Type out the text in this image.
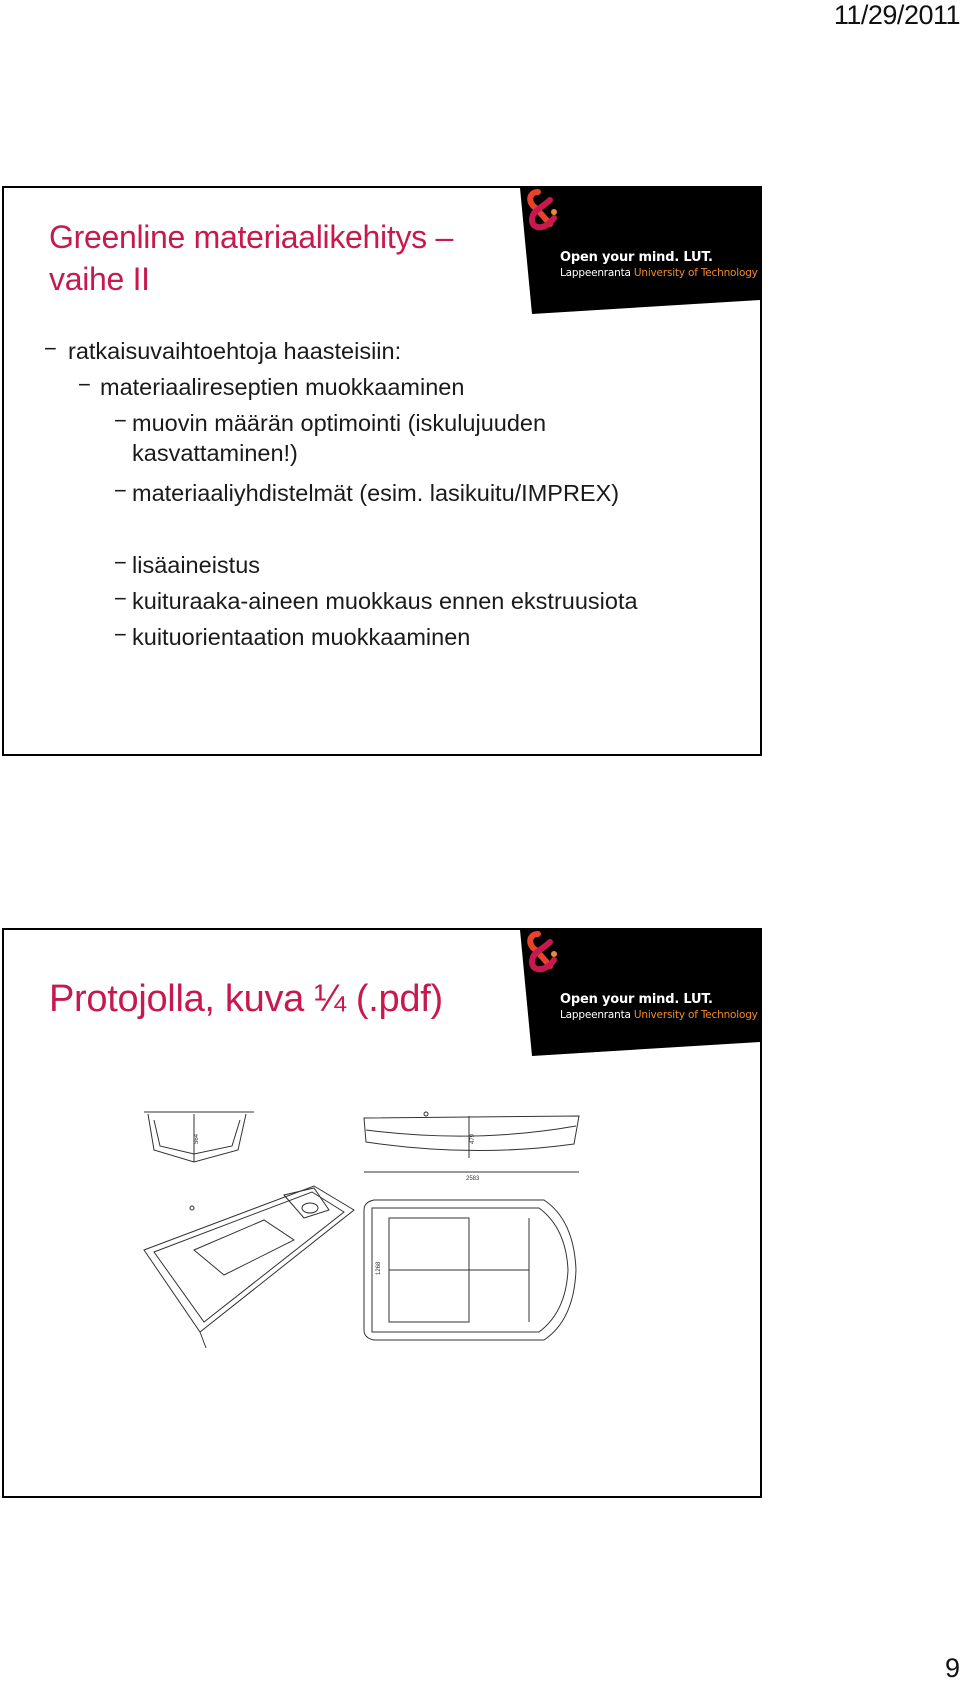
11/29/2011
Open your mind. LUT.
Lappeenranta University of Technology
Greenline materiaalikehitys – vaihe II
− ratkaisuvaihtoehtoja haasteisiin:
− materiaalireseptien muokkaaminen
− muovin määrän optimointi (iskulujuuden kasvattaminen!)
− materiaaliyhdistelmät (esim. lasikuitu/IMPREX)
− lisäaineistus
− kuituraaka-aineen muokkaus ennen ekstruusiota
− kuituorientaation muokkaaminen
Open your mind. LUT.
Lappeenranta University of Technology
Protojolla, kuva ¼ (.pdf)
564
2583
479
1268
9
